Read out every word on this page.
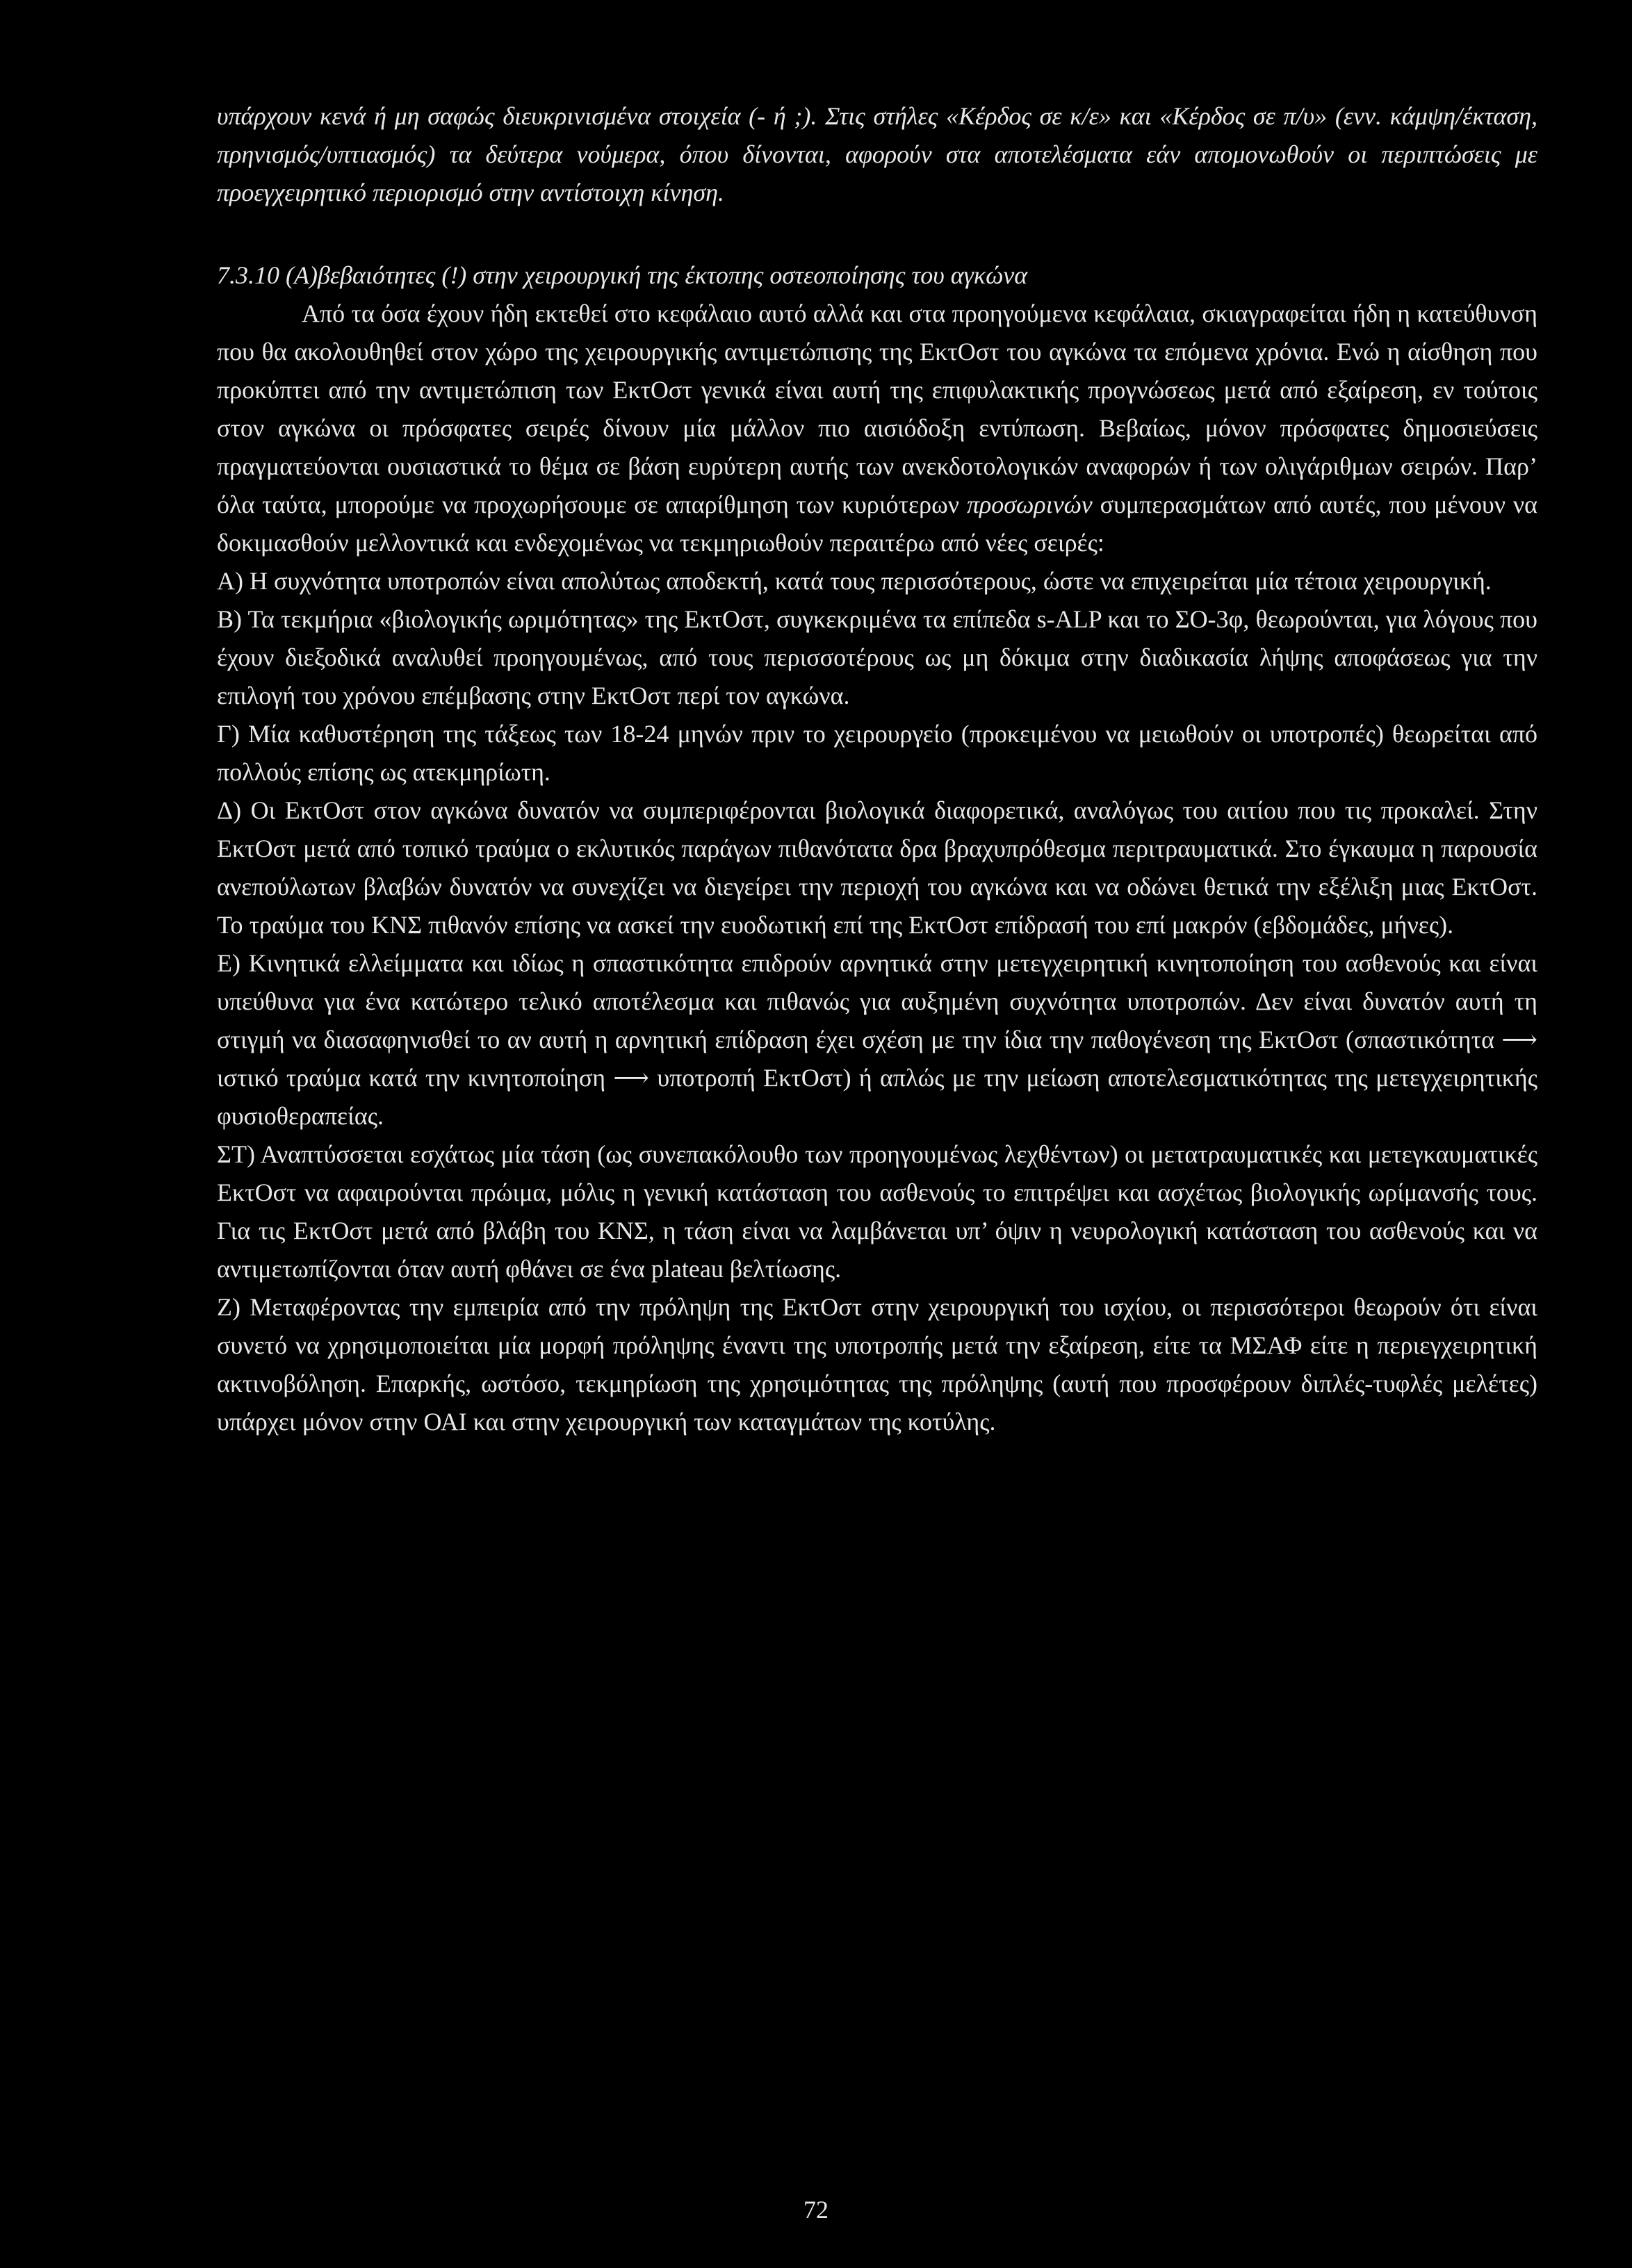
υπάρχουν κενά ή μη σαφώς διευκρινισμένα στοιχεία (- ή ;). Στις στήλες «Κέρδος σε κ/ε» και «Κέρδος σε π/υ» (ενν. κάμψη/έκταση, πρηνισμός/υπτιασμός) τα δεύτερα νούμερα, όπου δίνονται, αφορούν στα αποτελέσματα εάν απομονωθούν οι περιπτώσεις με προεγχειρητικό περιορισμό στην αντίστοιχη κίνηση.

7.3.10 (Α)βεβαιότητες (!) στην χειρουργική της έκτοπης οστεοποίησης του αγκώνα

Από τα όσα έχουν ήδη εκτεθεί στο κεφάλαιο αυτό αλλά και στα προηγούμενα κεφάλαια, σκιαγραφείται ήδη η κατεύθυνση που θα ακολουθηθεί στον χώρο της χειρουργικής αντιμετώπισης της ΕκτΟστ του αγκώνα τα επόμενα χρόνια. Ενώ η αίσθηση που προκύπτει από την αντιμετώπιση των ΕκτΟστ γενικά είναι αυτή της επιφυλακτικής προγνώσεως μετά από εξαίρεση, εν τούτοις στον αγκώνα οι πρόσφατες σειρές δίνουν μία μάλλον πιο αισιόδοξη εντύπωση. Βεβαίως, μόνον πρόσφατες δημοσιεύσεις πραγματεύονται ουσιαστικά το θέμα σε βάση ευρύτερη αυτής των ανεκδοτολογικών αναφορών ή των ολιγάριθμων σειρών. Παρ’ όλα ταύτα, μπορούμε να προχωρήσουμε σε απαρίθμηση των κυριότερων προσωρινών συμπερασμάτων από αυτές, που μένουν να δοκιμασθούν μελλοντικά και ενδεχομένως να τεκμηριωθούν περαιτέρω από νέες σειρές:

Α) Η συχνότητα υποτροπών είναι απολύτως αποδεκτή, κατά τους περισσότερους, ώστε να επιχειρείται μία τέτοια χειρουργική.

Β) Τα τεκμήρια «βιολογικής ωριμότητας» της ΕκτΟστ, συγκεκριμένα τα επίπεδα s-ALP και το ΣΟ-3φ, θεωρούνται, για λόγους που έχουν διεξοδικά αναλυθεί προηγουμένως, από τους περισσοτέρους ως μη δόκιμα στην διαδικασία λήψης αποφάσεως για την επιλογή του χρόνου επέμβασης στην ΕκτΟστ περί τον αγκώνα.

Γ) Μία καθυστέρηση της τάξεως των 18-24 μηνών πριν το χειρουργείο (προκειμένου να μειωθούν οι υποτροπές) θεωρείται από πολλούς επίσης ως ατεκμηρίωτη.

Δ) Οι ΕκτΟστ στον αγκώνα δυνατόν να συμπεριφέρονται βιολογικά διαφορετικά, αναλόγως του αιτίου που τις προκαλεί. Στην ΕκτΟστ μετά από τοπικό τραύμα ο εκλυτικός παράγων πιθανότατα δρα βραχυπρόθεσμα περιτραυματικά. Στο έγκαυμα η παρουσία ανεπούλωτων βλαβών δυνατόν να συνεχίζει να διεγείρει την περιοχή του αγκώνα και να οδώνει θετικά την εξέλιξη μιας ΕκτΟστ. Το τραύμα του ΚΝΣ πιθανόν επίσης να ασκεί την ευοδωτική επί της ΕκτΟστ επίδρασή του επί μακρόν (εβδομάδες, μήνες).

Ε) Κινητικά ελλείμματα και ιδίως η σπαστικότητα επιδρούν αρνητικά στην μετεγχειρητική κινητοποίηση του ασθενούς και είναι υπεύθυνα για ένα κατώτερο τελικό αποτέλεσμα και πιθανώς για αυξημένη συχνότητα υποτροπών. Δεν είναι δυνατόν αυτή τη στιγμή να διασαφηνισθεί το αν αυτή η αρνητική επίδραση έχει σχέση με την ίδια την παθογένεση της ΕκτΟστ (σπαστικότητα ⟶ ιστικό τραύμα κατά την κινητοποίηση ⟶ υποτροπή ΕκτΟστ) ή απλώς με την μείωση αποτελεσματικότητας της μετεγχειρητικής φυσιοθεραπείας.

ΣΤ) Αναπτύσσεται εσχάτως μία τάση (ως συνεπακόλουθο των προηγουμένως λεχθέντων) οι μετατραυματικές και μετεγκαυματικές ΕκτΟστ να αφαιρούνται πρώιμα, μόλις η γενική κατάσταση του ασθενούς το επιτρέψει και ασχέτως βιολογικής ωρίμανσής τους. Για τις ΕκτΟστ μετά από βλάβη του ΚΝΣ, η τάση είναι να λαμβάνεται υπ’ όψιν η νευρολογική κατάσταση του ασθενούς και να αντιμετωπίζονται όταν αυτή φθάνει σε ένα plateau βελτίωσης.

Ζ) Μεταφέροντας την εμπειρία από την πρόληψη της ΕκτΟστ στην χειρουργική του ισχίου, οι περισσότεροι θεωρούν ότι είναι συνετό να χρησιμοποιείται μία μορφή πρόληψης έναντι της υποτροπής μετά την εξαίρεση, είτε τα ΜΣΑΦ είτε η περιεγχειρητική ακτινοβόληση. Επαρκής, ωστόσο, τεκμηρίωση της χρησιμότητας της πρόληψης (αυτή που προσφέρουν διπλές-τυφλές μελέτες) υπάρχει μόνον στην ΟΑΙ και στην χειρουργική των καταγμάτων της κοτύλης.

72
